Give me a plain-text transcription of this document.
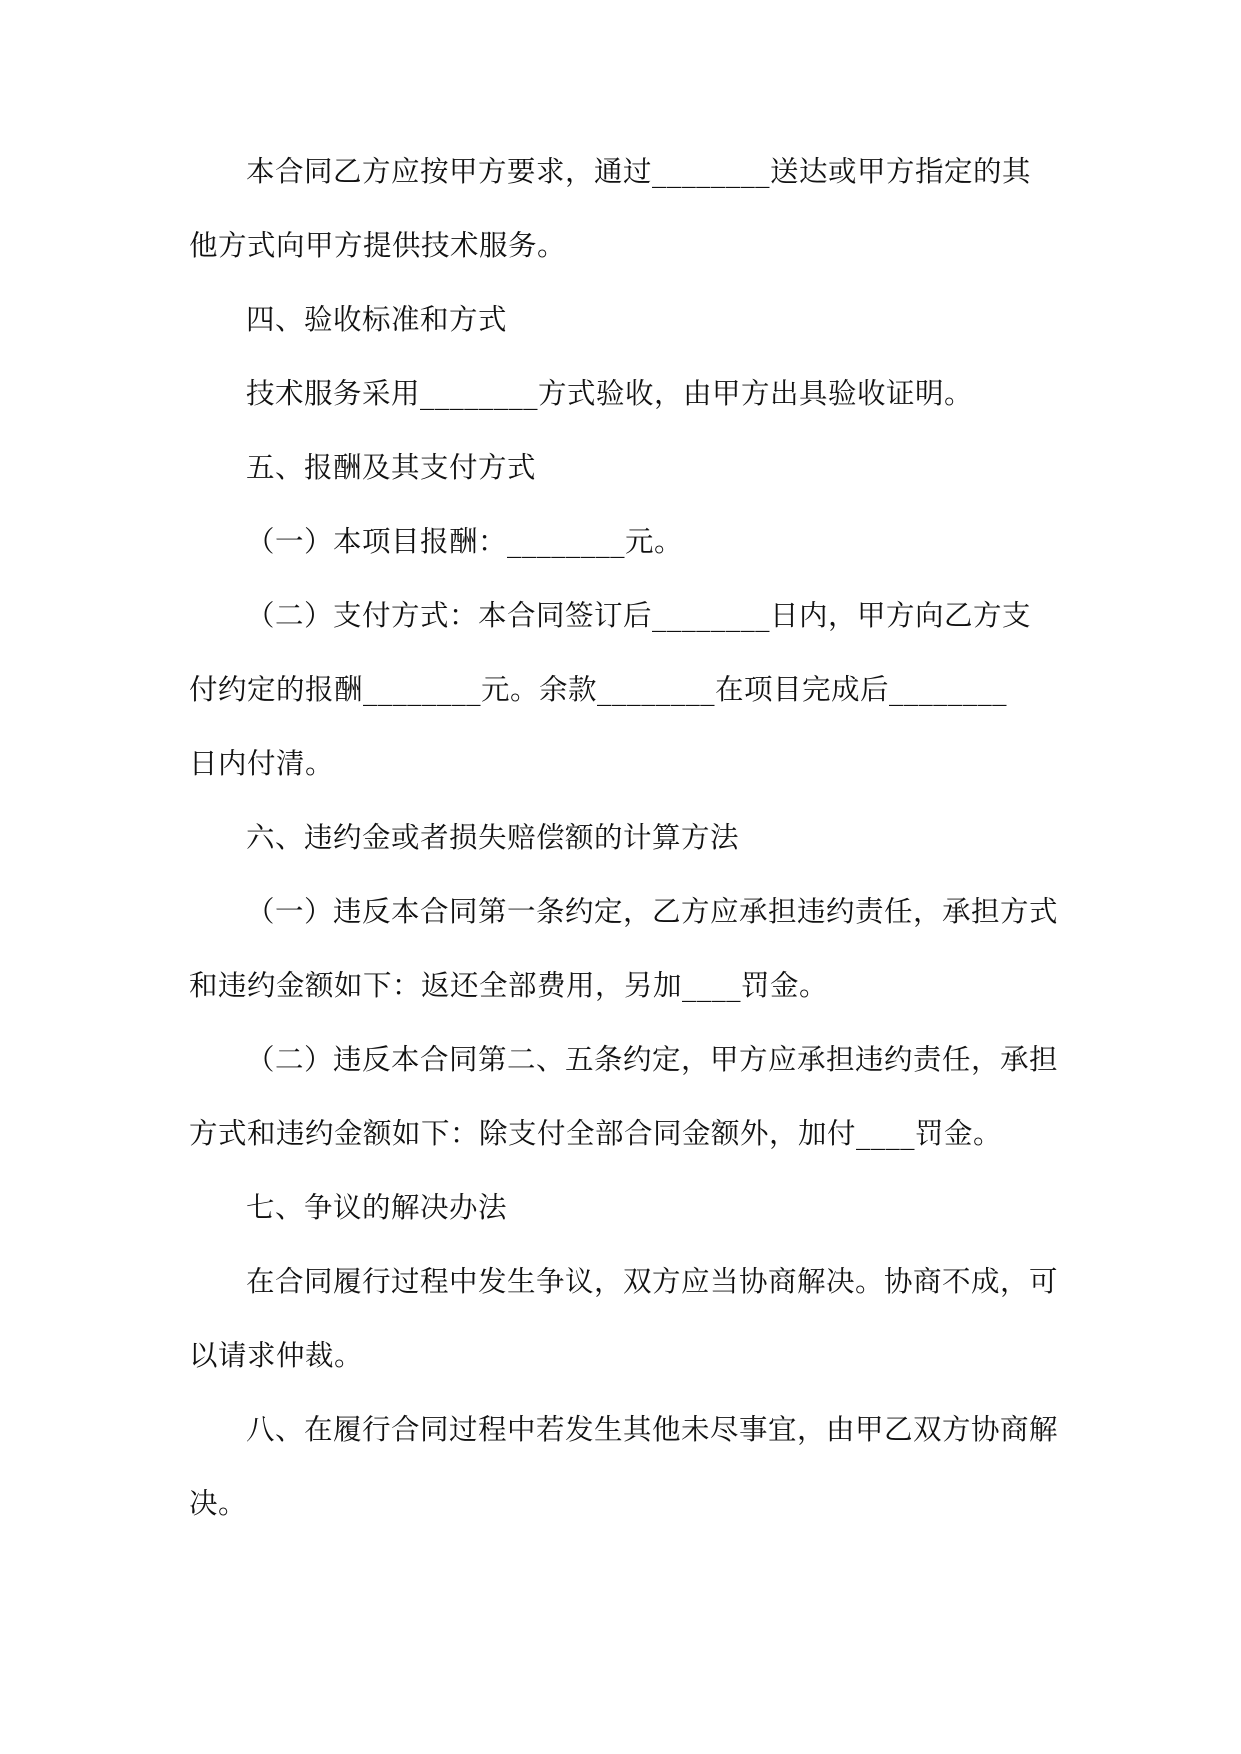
本合同乙方应按甲方要求，通过________送达或甲方指定的其
他方式向甲方提供技术服务。
四、验收标准和方式
技术服务采用________方式验收，由甲方出具验收证明。
五、报酬及其支付方式
（一）本项目报酬：________元。
（二）支付方式：本合同签订后________日内，甲方向乙方支
付约定的报酬________元。余款________在项目完成后________
日内付清。
六、违约金或者损失赔偿额的计算方法
（一）违反本合同第一条约定，乙方应承担违约责任，承担方式
和违约金额如下：返还全部费用，另加____罚金。
（二）违反本合同第二、五条约定，甲方应承担违约责任，承担
方式和违约金额如下：除支付全部合同金额外，加付____罚金。
七、争议的解决办法
在合同履行过程中发生争议，双方应当协商解决。协商不成，可
以请求仲裁。
八、在履行合同过程中若发生其他未尽事宜，由甲乙双方协商解
决。
